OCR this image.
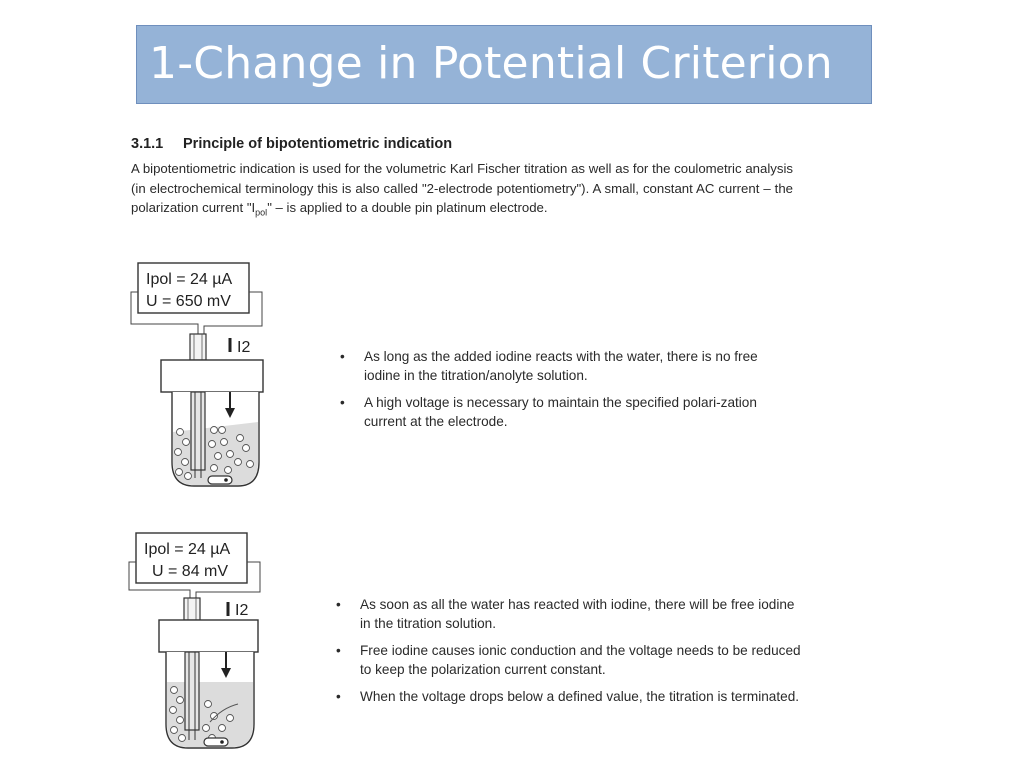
1-Change in Potential Criterion
3.1.1 Principle of bipotentiometric indication
A bipotentiometric indication is used for the volumetric Karl Fischer titration as well as for the coulometric analysis (in electrochemical terminology this is also called "2-electrode potentiometry"). A small, constant AC current – the polarization current "$I_{pol}$" – is applied to a double pin platinum electrode.
Ipol = 24 µA
U = 650 mV
I2
• As long as the added iodine reacts with the water, there is no free iodine in the titration/anolyte solution.
• A high voltage is necessary to maintain the specified polari-zation current at the electrode.
Ipol = 24 µA
U = 84 mV
I2	• As soon as all the water has reacted with iodine, there will be free iodine in the titration solution.
• Free iodine causes ionic conduction and the voltage needs to be reduced to keep the polarization current constant.
• When the voltage drops below a defined value, the titration is terminated.
